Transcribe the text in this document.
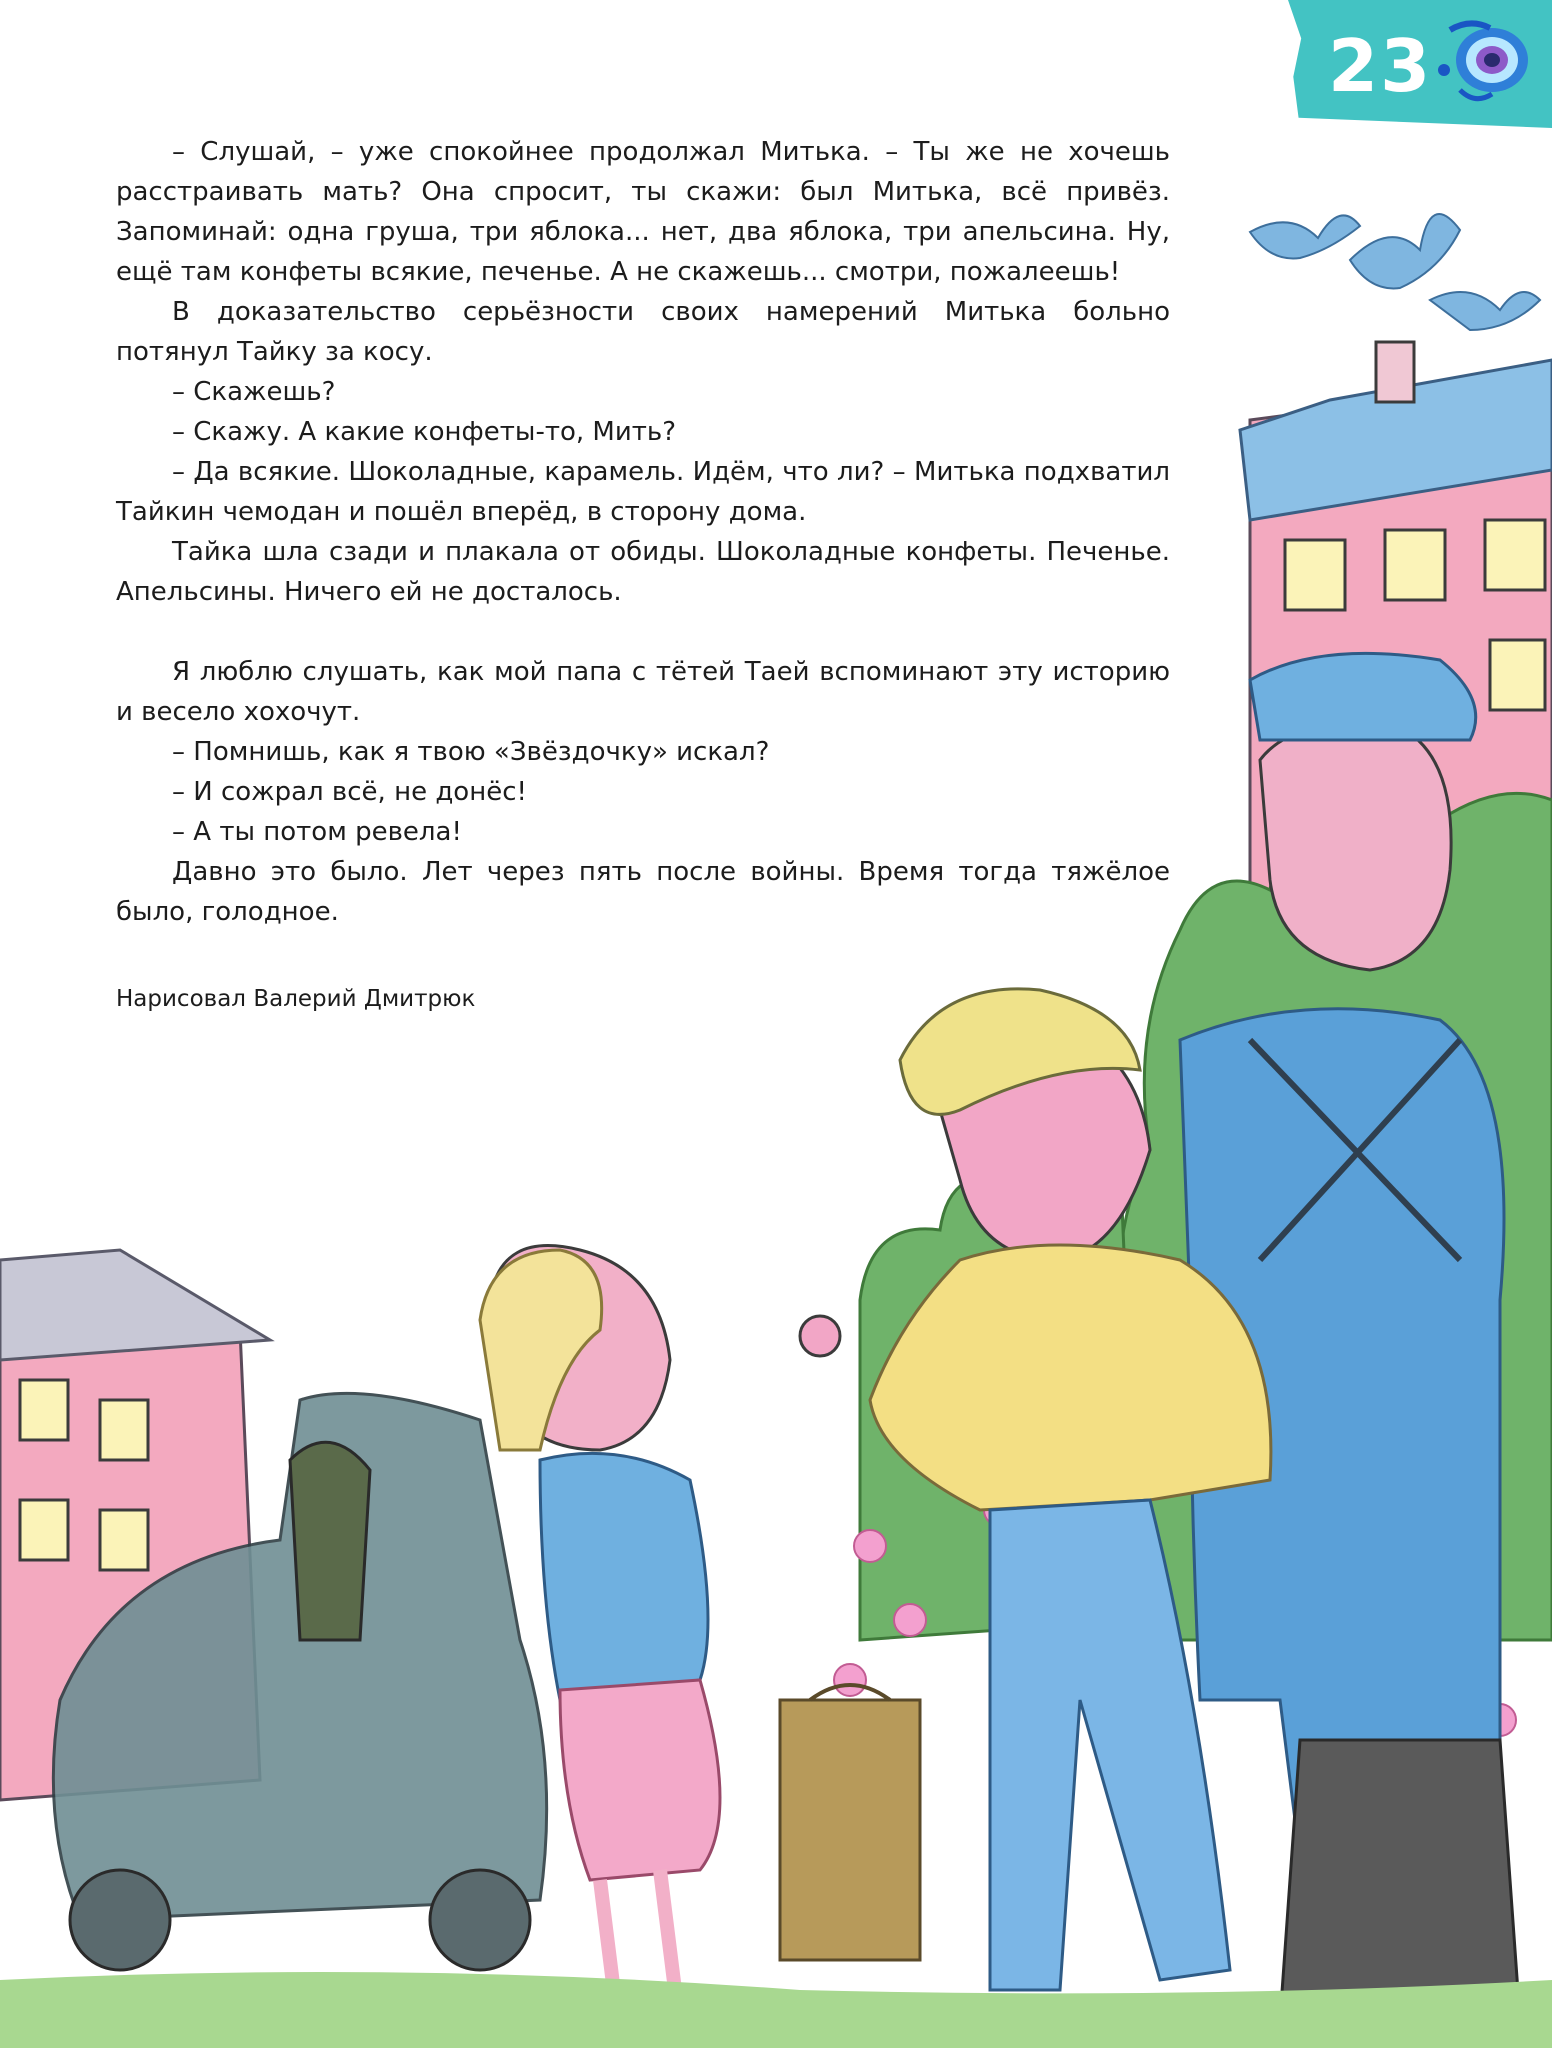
23

– Слушай, – уже спокойнее продолжал Митька. – Ты же не хочешь расстраивать мать? Она спросит, ты скажи: был Митька, всё привёз. Запоминай: одна груша, три яблока... нет, два яблока, три апельсина. Ну, ещё там конфеты всякие, печенье. А не скажешь... смотри, пожалеешь!

В доказательство серьёзности своих намерений Митька больно потянул Тайку за косу.

– Скажешь?

– Скажу. А какие конфеты-то, Мить?

– Да всякие. Шоколадные, карамель. Идём, что ли? – Митька подхватил Тайкин чемодан и пошёл вперёд, в сторону дома.

Тайка шла сзади и плакала от обиды. Шоколадные конфеты. Печенье. Апельсины. Ничего ей не досталось.

Я люблю слушать, как мой папа с тётей Таей вспоминают эту историю и весело хохочут.

– Помнишь, как я твою «Звёздочку» искал?

– И сожрал всё, не донёс!

– А ты потом ревела!

Давно это было. Лет через пять после войны. Время тогда тяжёлое было, голодное.

Нарисовал Валерий Дмитрюк
